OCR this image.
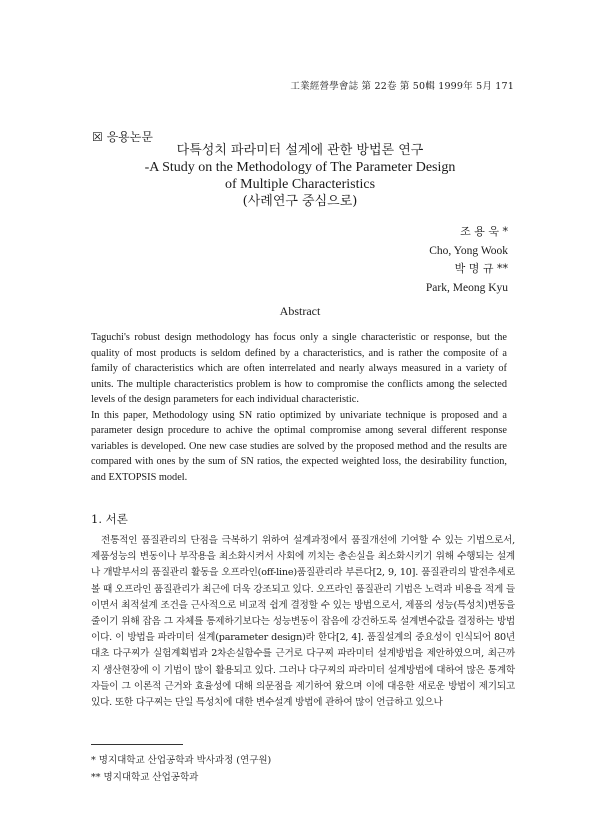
工業經營學會誌 第 22卷 第 50輯 1999年 5月 171
☒ 응용논문
다특성치 파라미터 설계에 관한 방법론 연구
-A Study on the Methodology of The Parameter Design
of Multiple Characteristics
(사례연구 중심으로)
조 용 욱 *
Cho, Yong Wook
박 명 규 **
Park, Meong Kyu
Abstract

Taguchi's robust design methodology has focus only a single characteristic or response, but the quality of most products is seldom defined by a characteristics, and is rather the composite of a family of characteristics which are often interrelated and nearly always measured in a variety of units. The multiple characteristics problem is how to compromise the conflicts among the selected levels of the design parameters for each individual characteristic.

In this paper, Methodology using SN ratio optimized by univariate technique is proposed and a parameter design procedure to achive the optimal compromise among several different response variables is developed. One new case studies are solved by the proposed method and the results are compared with ones by the sum of SN ratios, the expected weighted loss, the desirability function, and EXTOPSIS model.

1. 서론

전통적인 품질관리의 단점을 극복하기 위하여 설계과정에서 품질개선에 기여할 수 있는 기법으로서, 제품성능의 변동이나 부작용을 최소화시켜서 사회에 끼치는 총손실을 최소화시키기 위해 수행되는 설계나 개발부서의 품질관리 활동을 오프라인(off-line)품질관리라 부른다[2, 9, 10]. 품질관리의 발전추세로 볼 때 오프라인 품질관리가 최근에 더욱 강조되고 있다. 오프라인 품질관리 기법은 노력과 비용을 적게 들이면서 최적설계 조건을 근사적으로 비교적 쉽게 결정할 수 있는 방법으로서, 제품의 성능(특성치)변동을 줄이기 위해 잡음 그 자체를 통제하기보다는 성능변동이 잡음에 강건하도록 설계변수값을 결정하는 방법이다. 이 방법을 파라미터 설계(parameter design)라 한다[2, 4]. 품질설계의 중요성이 인식되어 80년대초 다구찌가 실험계획법과 2차손실함수를 근거로 다구찌 파라미터 설계방법을 제안하였으며, 최근까지 생산현장에 이 기법이 많이 활용되고 있다. 그러나 다구찌의 파라미터 설계방법에 대하여 많은 통계학자들이 그 이론적 근거와 효율성에 대해 의문점을 제기하여 왔으며 이에 대응한 새로운 방법이 제기되고 있다. 또한 다구찌는 단일 특성치에 대한 변수설계 방법에 관하여 많이 언급하고 있으나

* 명지대학교 산업공학과 박사과정 (연구원)
** 명지대학교 산업공학과
